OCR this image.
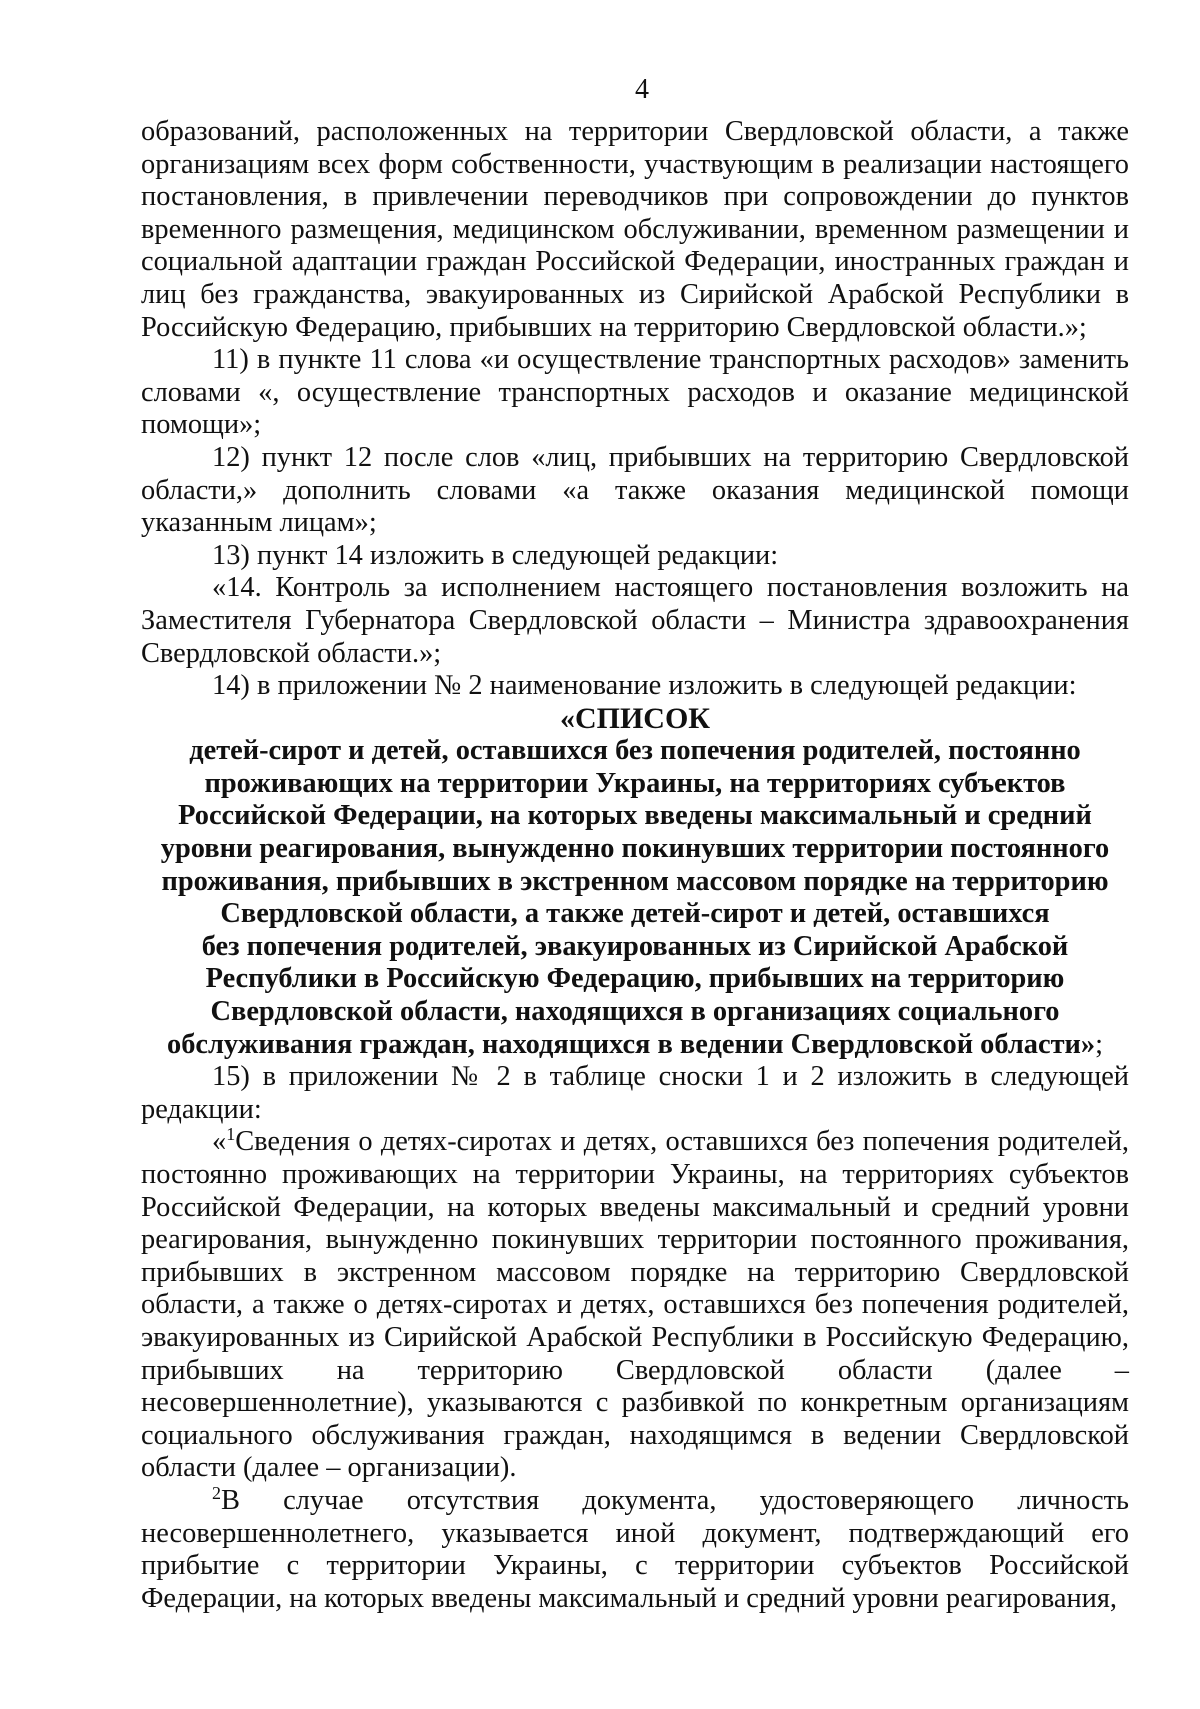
4

образований, расположенных на территории Свердловской области, а также организациям всех форм собственности, участвующим в реализации настоящего постановления, в привлечении переводчиков при сопровождении до пунктов временного размещения, медицинском обслуживании, временном размещении и социальной адаптации граждан Российской Федерации, иностранных граждан и лиц без гражданства, эвакуированных из Сирийской Арабской Республики в Российскую Федерацию, прибывших на территорию Свердловской области.»;

11) в пункте 11 слова «и осуществление транспортных расходов» заменить словами «, осуществление транспортных расходов и оказание медицинской помощи»;

12) пункт 12 после слов «лиц, прибывших на территорию Свердловской области,» дополнить словами «а также оказания медицинской помощи указанным лицам»;

13) пункт 14 изложить в следующей редакции:

«14. Контроль за исполнением настоящего постановления возложить на Заместителя Губернатора Свердловской области – Министра здравоохранения Свердловской области.»;

14) в приложении № 2 наименование изложить в следующей редакции:

«СПИСОК
детей-сирот и детей, оставшихся без попечения родителей, постоянно
проживающих на территории Украины, на территориях субъектов
Российской Федерации, на которых введены максимальный и средний
уровни реагирования, вынужденно покинувших территории постоянного
проживания, прибывших в экстренном массовом порядке на территорию
Свердловской области, а также детей-сирот и детей, оставшихся
без попечения родителей, эвакуированных из Сирийской Арабской
Республики в Российскую Федерацию, прибывших на территорию
Свердловской области, находящихся в организациях социального
обслуживания граждан, находящихся в ведении Свердловской области»;

15) в приложении № 2 в таблице сноски 1 и 2 изложить в следующей редакции:

«$^1$Сведения о детях-сиротах и детях, оставшихся без попечения родителей, постоянно проживающих на территории Украины, на территориях субъектов Российской Федерации, на которых введены максимальный и средний уровни реагирования, вынужденно покинувших территории постоянного проживания, прибывших в экстренном массовом порядке на территорию Свердловской области, а также о детях-сиротах и детях, оставшихся без попечения родителей, эвакуированных из Сирийской Арабской Республики в Российскую Федерацию, прибывших на территорию Свердловской области (далее – несовершеннолетние), указываются с разбивкой по конкретным организациям социального обслуживания граждан, находящимся в ведении Свердловской области (далее – организации).

$^2$В случае отсутствия документа, удостоверяющего личность несовершеннолетнего, указывается иной документ, подтверждающий его прибытие с территории Украины, с территории субъектов Российской Федерации, на которых введены максимальный и средний уровни реагирования,
